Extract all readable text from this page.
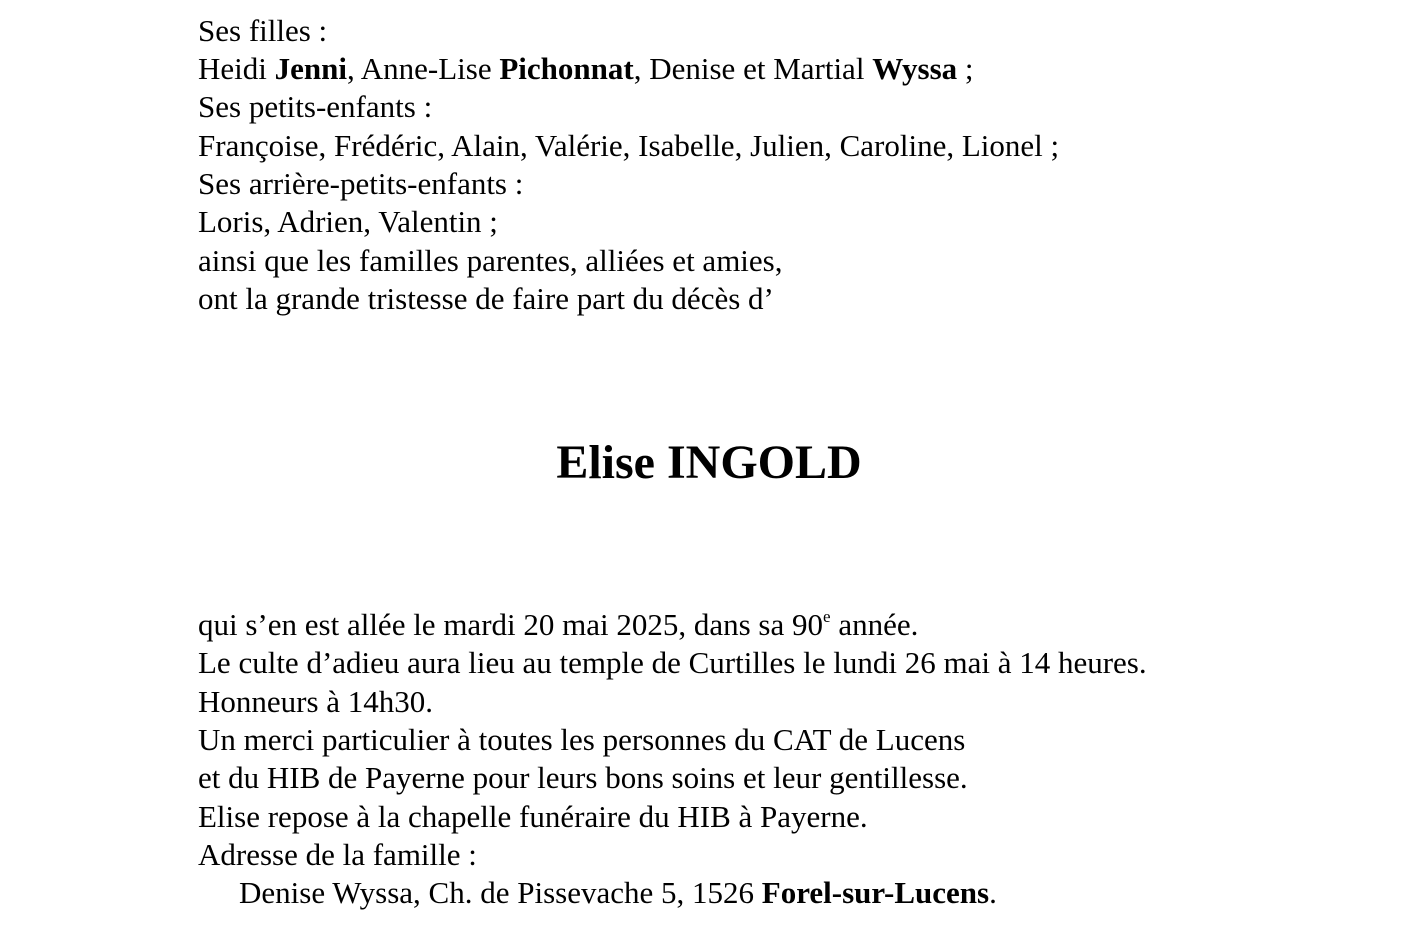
Ses filles :
Heidi Jenni, Anne-Lise Pichonnat, Denise et Martial Wyssa ;
Ses petits-enfants :
Françoise, Frédéric, Alain, Valérie, Isabelle, Julien, Caroline, Lionel ;
Ses arrière-petits-enfants :
Loris, Adrien, Valentin ;
ainsi que les familles parentes, alliées et amies,
ont la grande tristesse de faire part du décès d’
Elise INGOLD
qui s’en est allée le mardi 20 mai 2025, dans sa 90e année.
Le culte d’adieu aura lieu au temple de Curtilles le lundi 26 mai à 14 heures.
Honneurs à 14h30.
Un merci particulier à toutes les personnes du CAT de Lucens
et du HIB de Payerne pour leurs bons soins et leur gentillesse.
Elise repose à la chapelle funéraire du HIB à Payerne.
Adresse de la famille :
Denise Wyssa, Ch. de Pissevache 5, 1526 Forel-sur-Lucens.
